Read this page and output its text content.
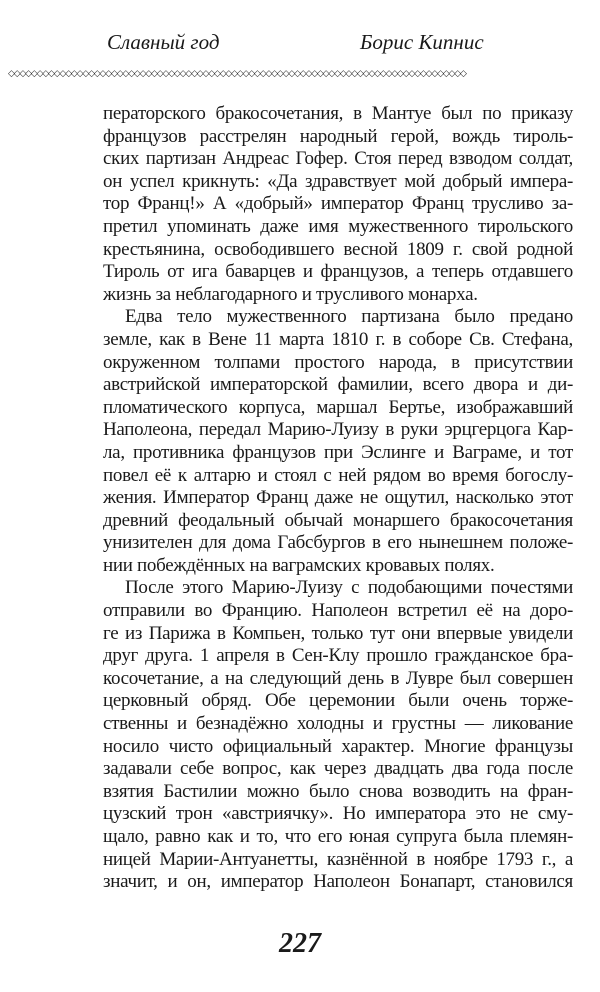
Славный год	Борис Кипнис
◇◇◇◇◇◇◇◇◇◇◇◇◇◇◇◇◇◇◇◇◇◇◇◇◇◇◇◇◇◇◇◇◇◇◇◇◇◇◇◇◇◇◇◇◇◇◇◇◇◇◇◇◇◇◇◇◇◇◇◇◇◇◇◇◇◇◇◇◇◇◇◇◇◇◇◇◇◇◇◇
ператорского бракосочетания, в Мантуе был по приказу
французов расстрелян народный герой, вождь тироль-
ских партизан Андреас Гофер. Стоя перед взводом солдат,
он успел крикнуть: «Да здравствует мой добрый импера-
тор Франц!» А «добрый» император Франц трусливо за-
претил упоминать даже имя мужественного тирольского
крестьянина, освободившего весной 1809 г. свой родной
Тироль от ига баварцев и французов, а теперь отдавшего
жизнь за неблагодарного и трусливого монарха.
Едва тело мужественного партизана было предано
земле, как в Вене 11 марта 1810 г. в соборе Св. Стефана,
окруженном толпами простого народа, в присутствии
австрийской императорской фамилии, всего двора и ди-
пломатического корпуса, маршал Бертье, изображавший
Наполеона, передал Марию-Луизу в руки эрцгерцога Кар-
ла, противника французов при Эслинге и Ваграме, и тот
повел её к алтарю и стоял с ней рядом во время богослу-
жения. Император Франц даже не ощутил, насколько этот
древний феодальный обычай монаршего бракосочетания
унизителен для дома Габсбургов в его нынешнем положе-
нии побеждённых на ваграмских кровавых полях.
После этого Марию-Луизу с подобающими почестями
отправили во Францию. Наполеон встретил её на доро-
ге из Парижа в Компьен, только тут они впервые увидели
друг друга. 1 апреля в Сен-Клу прошло гражданское бра-
косочетание, а на следующий день в Лувре был совершен
церковный обряд. Обе церемонии были очень торже-
ственны и безнадёжно холодны и грустны — ликование
носило чисто официальный характер. Многие французы
задавали себе вопрос, как через двадцать два года после
взятия Бастилии можно было снова возводить на фран-
цузский трон «австриячку». Но императора это не сму-
щало, равно как и то, что его юная супруга была племян-
ницей Марии-Антуанетты, казнённой в ноябре 1793 г., а
значит, и он, император Наполеон Бонапарт, становился
227
